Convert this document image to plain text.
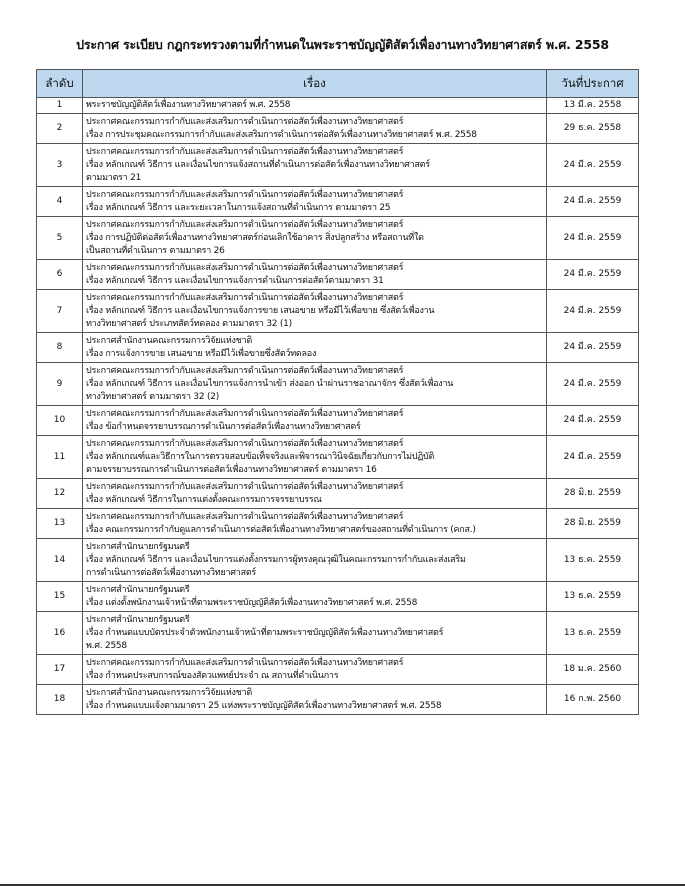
ประกาศ ระเบียบ กฎกระทรวงตามที่กำหนดในพระราชบัญญัติสัตว์เพื่องานทางวิทยาศาสตร์ พ.ศ. 2558
ลำดับ	เรื่อง	วันที่ประกาศ
1	พระราชบัญญัติสัตว์เพื่องานทางวิทยาศาสตร์ พ.ศ. 2558	13 มี.ค. 2558
2	ประกาศคณะกรรมการกำกับและส่งเสริมการดำเนินการต่อสัตว์เพื่องานทางวิทยาศาสตร์
เรื่อง การประชุมคณะกรรมการกำกับและส่งเสริมการดำเนินการต่อสัตว์เพื่องานทางวิทยาศาสตร์ พ.ศ. 2558	29 ธ.ค. 2558
3	ประกาศคณะกรรมการกำกับและส่งเสริมการดำเนินการต่อสัตว์เพื่องานทางวิทยาศาสตร์
เรื่อง หลักเกณฑ์ วิธีการ และเงื่อนไขการแจ้งสถานที่ดำเนินการต่อสัตว์เพื่องานทางวิทยาศาสตร์
ตามมาตรา 21	24 มี.ค. 2559
4	ประกาศคณะกรรมการกำกับและส่งเสริมการดำเนินการต่อสัตว์เพื่องานทางวิทยาศาสตร์
เรื่อง หลักเกณฑ์ วิธีการ และระยะเวลาในการแจ้งสถานที่ดำเนินการ ตามมาตรา 25	24 มี.ค. 2559
5	ประกาศคณะกรรมการกำกับและส่งเสริมการดำเนินการต่อสัตว์เพื่องานทางวิทยาศาสตร์
เรื่อง การปฏิบัติต่อสัตว์เพื่องานทางวิทยาศาสตร์ก่อนเลิกใช้อาคาร สิ่งปลูกสร้าง หรือสถานที่ใด
เป็นสถานที่ดำเนินการ ตามมาตรา 26	24 มี.ค. 2559
6	ประกาศคณะกรรมการกำกับและส่งเสริมการดำเนินการต่อสัตว์เพื่องานทางวิทยาศาสตร์
เรื่อง หลักเกณฑ์ วิธีการ และเงื่อนไขการแจ้งการดำเนินการต่อสัตว์ตามมาตรา 31	24 มี.ค. 2559
7	ประกาศคณะกรรมการกำกับและส่งเสริมการดำเนินการต่อสัตว์เพื่องานทางวิทยาศาสตร์
เรื่อง หลักเกณฑ์ วิธีการ และเงื่อนไขการแจ้งการขาย เสนอขาย หรือมีไว้เพื่อขาย ซึ่งสัตว์เพื่องาน
ทางวิทยาศาสตร์ ประเภทสัตว์ทดลอง ตามมาตรา 32 (1)	24 มี.ค. 2559
8	ประกาศสำนักงานคณะกรรมการวิจัยแห่งชาติ
เรื่อง การแจ้งการขาย เสนอขาย หรือมีไว้เพื่อขายซึ่งสัตว์ทดลอง	24 มี.ค. 2559
9	ประกาศคณะกรรมการกำกับและส่งเสริมการดำเนินการต่อสัตว์เพื่องานทางวิทยาศาสตร์
เรื่อง หลักเกณฑ์ วิธีการ และเงื่อนไขการแจ้งการนำเข้า ส่งออก นำผ่านราชอาณาจักร ซึ่งสัตว์เพื่องาน
ทางวิทยาศาสตร์ ตามมาตรา 32 (2)	24 มี.ค. 2559
10	ประกาศคณะกรรมการกำกับและส่งเสริมการดำเนินการต่อสัตว์เพื่องานทางวิทยาศาสตร์
เรื่อง ข้อกำหนดจรรยาบรรณการดำเนินการต่อสัตว์เพื่องานทางวิทยาศาสตร์	24 มี.ค. 2559
11	ประกาศคณะกรรมการกำกับและส่งเสริมการดำเนินการต่อสัตว์เพื่องานทางวิทยาศาสตร์
เรื่อง หลักเกณฑ์และวิธีการในการตรวจสอบข้อเท็จจริงและพิจารณาวินิจฉัยเกี่ยวกับการไม่ปฏิบัติ
ตามจรรยาบรรณการดำเนินการต่อสัตว์เพื่องานทางวิทยาศาสตร์ ตามมาตรา 16	24 มี.ค. 2559
12	ประกาศคณะกรรมการกำกับและส่งเสริมการดำเนินการต่อสัตว์เพื่องานทางวิทยาศาสตร์
เรื่อง หลักเกณฑ์ วิธีการในการแต่งตั้งคณะกรรมการจรรยาบรรณ	28 มิ.ย. 2559
13	ประกาศคณะกรรมการกำกับและส่งเสริมการดำเนินการต่อสัตว์เพื่องานทางวิทยาศาสตร์
เรื่อง คณะกรรมการกำกับดูแลการดำเนินการต่อสัตว์เพื่องานทางวิทยาศาสตร์ของสถานที่ดำเนินการ (คกส.)	28 มิ.ย. 2559
14	ประกาศสำนักนายกรัฐมนตรี
เรื่อง หลักเกณฑ์ วิธีการ และเงื่อนไขการแต่งตั้งกรรมการผู้ทรงคุณวุฒิในคณะกรรมการกำกับและส่งเสริม
การดำเนินการต่อสัตว์เพื่องานทางวิทยาศาสตร์	13 ธ.ค. 2559
15	ประกาศสำนักนายกรัฐมนตรี
เรื่อง แต่งตั้งพนักงานเจ้าหน้าที่ตามพระราชบัญญัติสัตว์เพื่องานทางวิทยาศาสตร์ พ.ศ. 2558	13 ธ.ค. 2559
16	ประกาศสำนักนายกรัฐมนตรี
เรื่อง กำหนดแบบบัตรประจำตัวพนักงานเจ้าหน้าที่ตามพระราชบัญญัติสัตว์เพื่องานทางวิทยาศาสตร์
พ.ศ. 2558	13 ธ.ค. 2559
17	ประกาศคณะกรรมการกำกับและส่งเสริมการดำเนินการต่อสัตว์เพื่องานทางวิทยาศาสตร์
เรื่อง กำหนดประสบการณ์ของสัตวแพทย์ประจำ ณ สถานที่ดำเนินการ	18 ม.ค. 2560
18	ประกาศสำนักงานคณะกรรมการวิจัยแห่งชาติ
เรื่อง กำหนดแบบแจ้งตามมาตรา 25 แห่งพระราชบัญญัติสัตว์เพื่องานทางวิทยาศาสตร์ พ.ศ. 2558	16 ก.พ. 2560
